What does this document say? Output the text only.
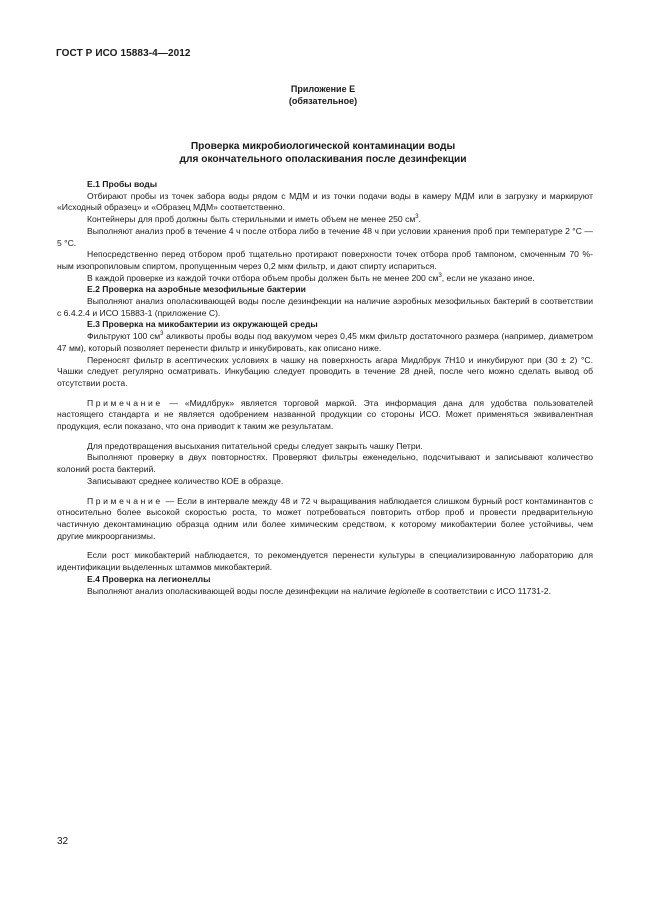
ГОСТ Р ИСО 15883-4—2012
Приложение Е
(обязательное)
Проверка микробиологической контаминации воды
для окончательного ополаскивания после дезинфекции
Е.1 Пробы воды

Отбирают пробы из точек забора воды рядом с МДМ и из точки подачи воды в камеру МДМ или в загрузку и маркируют «Исходный образец» и «Образец МДМ» соответственно.

Контейнеры для проб должны быть стерильными и иметь объем не менее 250 $см^3$.

Выполняют анализ проб в течение 4 ч после отбора либо в течение 48 ч при условии хранения проб при температуре 2 °С — 5 °С.

Непосредственно перед отбором проб тщательно протирают поверхности точек отбора проб тампоном, смоченным 70 %-ным изопропиловым спиртом, пропущенным через 0,2 мкм фильтр, и дают спирту испариться.

В каждой проверке из каждой точки отбора объем пробы должен быть не менее 200 $см^3$, если не указано иное.

Е.2 Проверка на аэробные мезофильные бактерии

Выполняют анализ ополаскивающей воды после дезинфекции на наличие аэробных мезофильных бактерий в соответствии с 6.4.2.4 и ИСО 15883-1 (приложение С).

Е.3 Проверка на микобактерии из окружающей среды

Фильтруют 100 $см^3$ аликвоты пробы воды под вакуумом через 0,45 мкм фильтр достаточного размера (например, диаметром 47 мм), который позволяет перенести фильтр и инкубировать, как описано ниже.

Переносят фильтр в асептических условиях в чашку на поверхность агара Мидлбрук 7Н10 и инкубируют при (30 ± 2) °С. Чашки следует регулярно осматривать. Инкубацию следует проводить в течение 28 дней, после чего можно сделать вывод об отсутствии роста.

Примечание — «Мидлбрук» является торговой маркой. Эта информация дана для удобства пользователей настоящего стандарта и не является одобрением названной продукции со стороны ИСО. Может применяться эквивалентная продукция, если показано, что она приводит к таким же результатам.

Для предотвращения высыхания питательной среды следует закрыть чашку Петри.

Выполняют проверку в двух повторностях. Проверяют фильтры еженедельно, подсчитывают и записывают количество колоний роста бактерий.

Записывают среднее количество КОЕ в образце.

Примечание — Если в интервале между 48 и 72 ч выращивания наблюдается слишком бурный рост контаминантов с относительно более высокой скоростью роста, то может потребоваться повторить отбор проб и провести предварительную частичную деконтаминацию образца одним или более химическим средством, к которому микобактерии более устойчивы, чем другие микроорганизмы.

Если рост микобактерий наблюдается, то рекомендуется перенести культуры в специализированную лабораторию для идентификации выделенных штаммов микобактерий.

Е.4 Проверка на легионеллы

Выполняют анализ ополаскивающей воды после дезинфекции на наличие legionelle в соответствии с ИСО 11731-2.

32
